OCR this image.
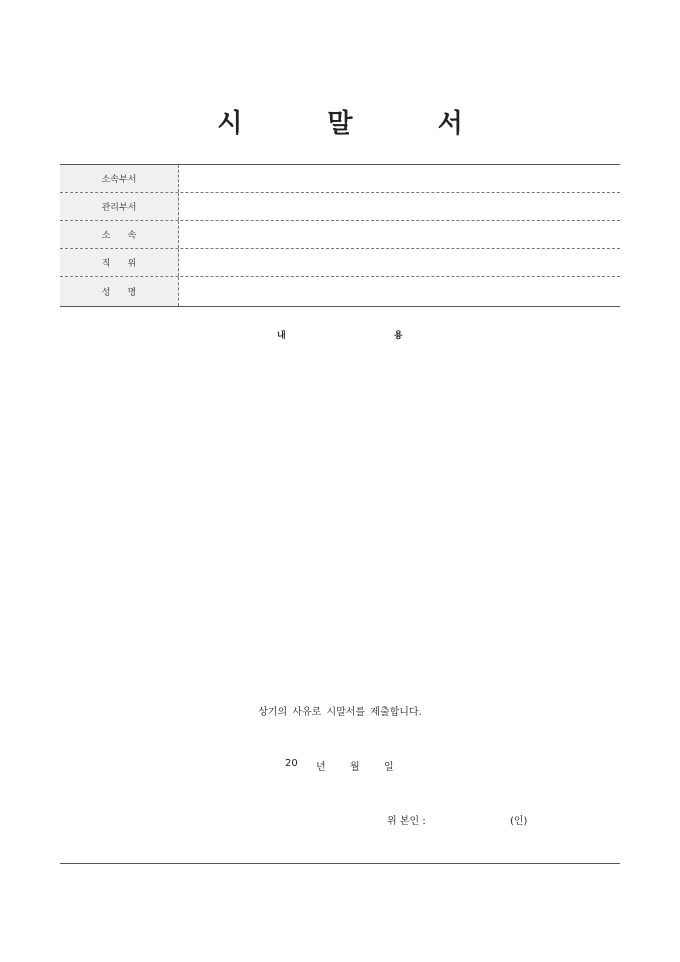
시 말 서
소속부서
관리부서
소      속
직      위
성      명
내	용
상기의 사유로 시말서를 제출합니다.
20 년 월 일
위 본인 :	(인)
